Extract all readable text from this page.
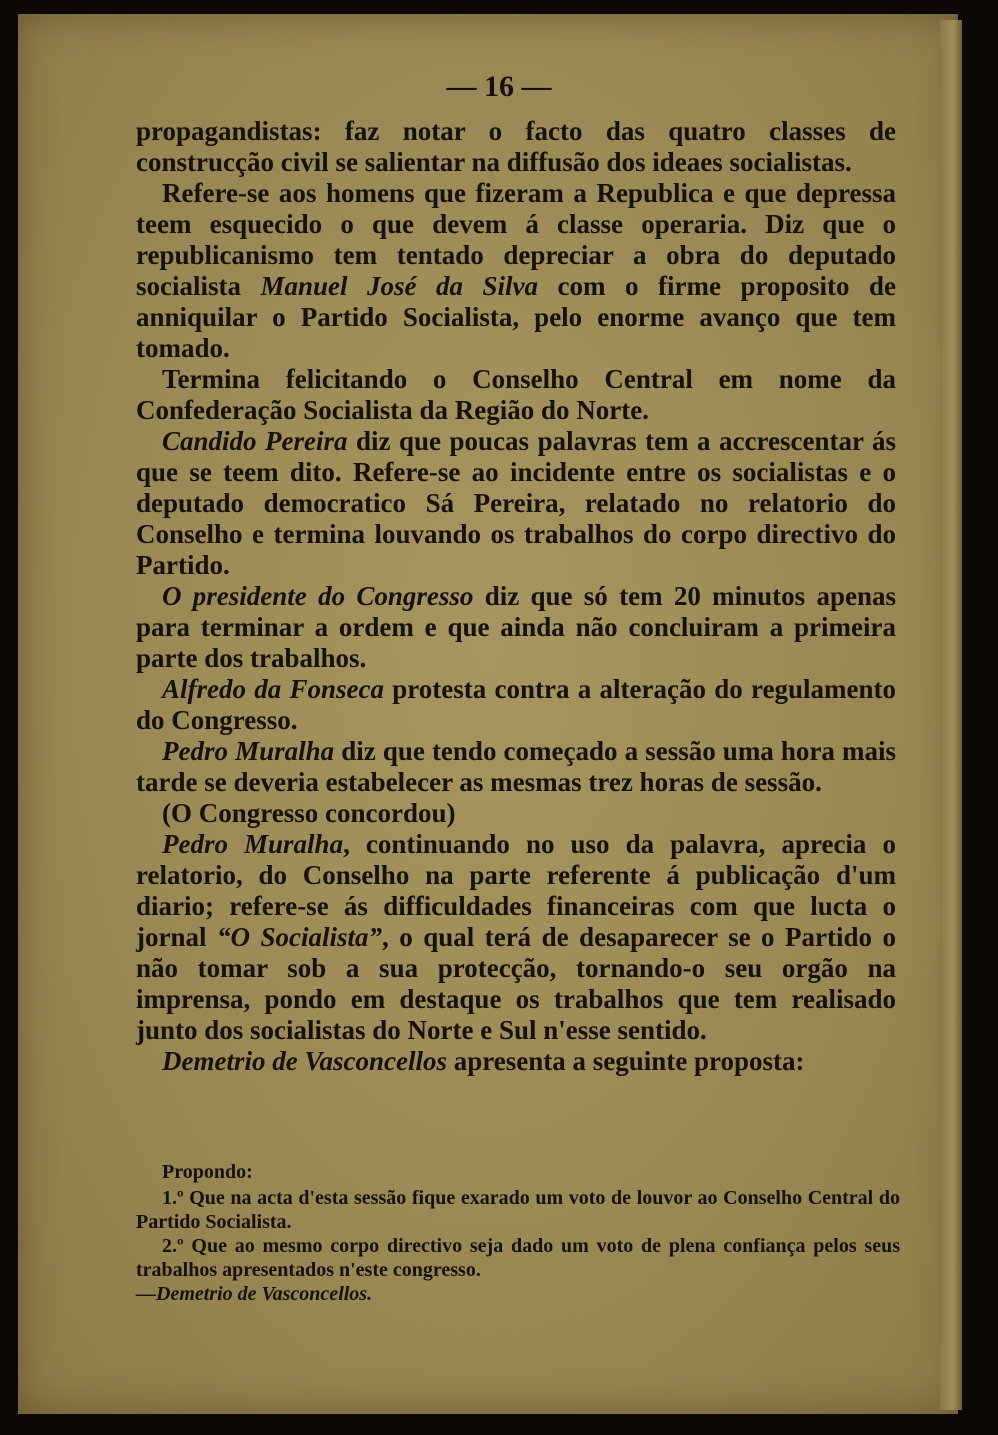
— 16 —

propagandistas: faz notar o facto das quatro classes de construcção civil se salientar na diffusão dos ideaes socialistas.

Refere-se aos homens que fizeram a Republica e que depressa teem esquecido o que devem á classe operaria. Diz que o republicanismo tem tentado depreciar a obra do deputado socialista Manuel José da Silva com o firme proposito de anniquilar o Partido Socialista, pelo enorme avanço que tem tomado.

Termina felicitando o Conselho Central em nome da Confederação Socialista da Região do Norte.

Candido Pereira diz que poucas palavras tem a accrescentar ás que se teem dito. Refere-se ao incidente entre os socialistas e o deputado democratico Sá Pereira, relatado no relatorio do Conselho e termina louvando os trabalhos do corpo directivo do Partido.

O presidente do Congresso diz que só tem 20 minutos apenas para terminar a ordem e que ainda não concluiram a primeira parte dos trabalhos.

Alfredo da Fonseca protesta contra a alteração do regulamento do Congresso.

Pedro Muralha diz que tendo começado a sessão uma hora mais tarde se deveria estabelecer as mesmas trez horas de sessão.

(O Congresso concordou)

Pedro Muralha, continuando no uso da palavra, aprecia o relatorio, do Conselho na parte referente á publicação d'um diario; refere-se ás difficuldades financeiras com que lucta o jornal “O Socialista”, o qual terá de desaparecer se o Partido o não tomar sob a sua protecção, tornando-o seu orgão na imprensa, pondo em destaque os trabalhos que tem realisado junto dos socialistas do Norte e Sul n'esse sentido.

Demetrio de Vasconcellos apresenta a seguinte proposta:

Propondo:

1.º Que na acta d'esta sessão fique exarado um voto de louvor ao Conselho Central do Partido Socialista.

2.º Que ao mesmo corpo directivo seja dado um voto de plena confiança pelos seus trabalhos apresentados n'este congresso.

—Demetrio de Vasconcellos.
